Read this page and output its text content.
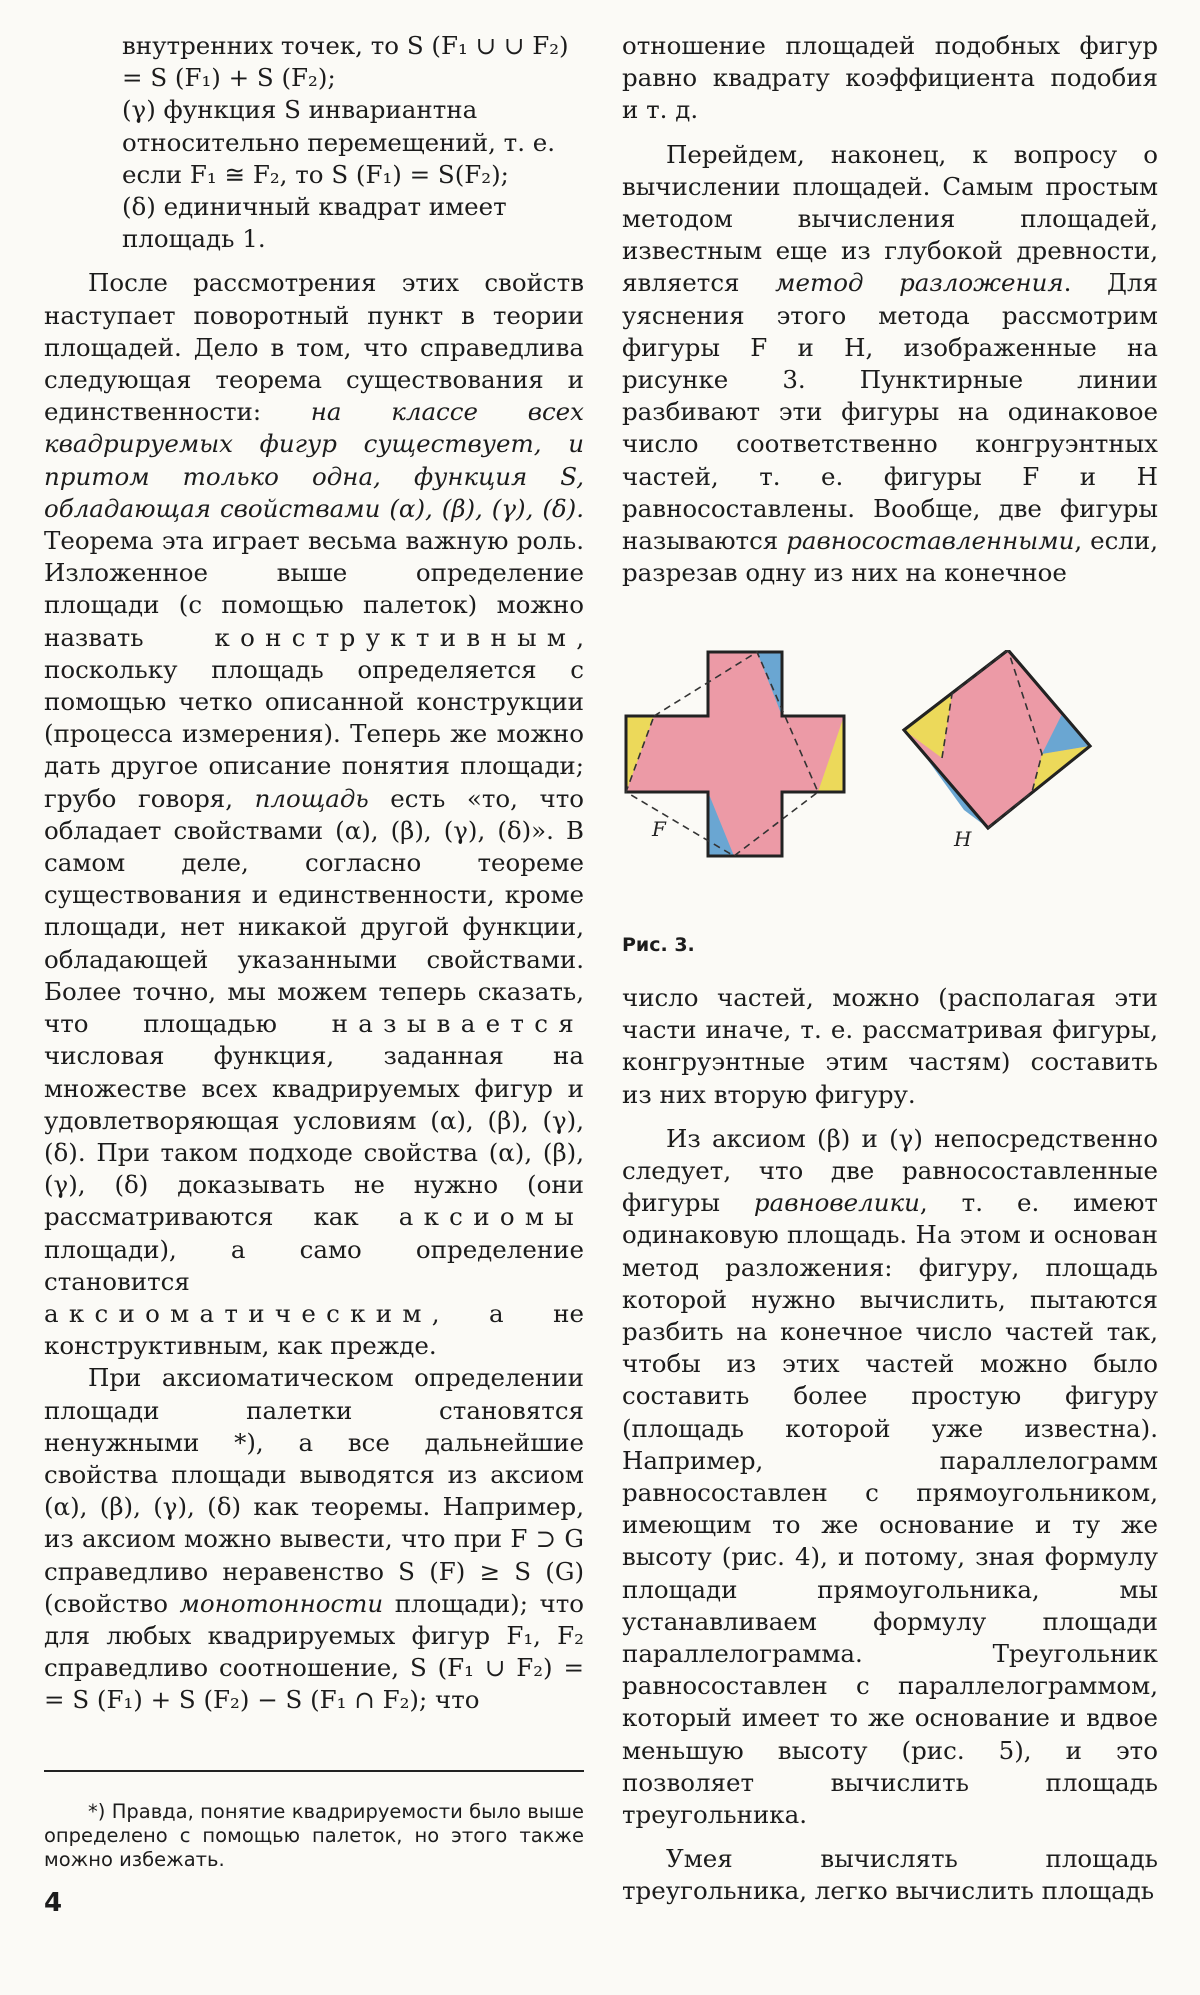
внутренних точек, то S (F₁ ∪ ∪ F₂) = S (F₁) + S (F₂);

(γ) функция S инвариантна относительно перемещений, т. е. если F₁ ≅ F₂, то S (F₁) = S(F₂);

(δ) единичный квадрат имеет площадь 1.

После рассмотрения этих свойств наступает поворотный пункт в теории площадей. Дело в том, что справедлива следующая теорема существования и единственности: на классе всех квадрируемых фигур существует, и притом только одна, функция S, обладающая свойствами (α), (β), (γ), (δ). Теорема эта играет весьма важную роль. Изложенное выше определение площади (с помощью палеток) можно назвать конструктивным, поскольку площадь определяется с помощью четко описанной конструкции (процесса измерения). Теперь же можно дать другое описание понятия площади; грубо говоря, площадь есть «то, что обладает свойствами (α), (β), (γ), (δ)». В самом деле, согласно теореме существования и единственности, кроме площади, нет никакой другой функции, обладающей указанными свойствами. Более точно, мы можем теперь сказать, что площадью называется числовая функция, заданная на множестве всех квадрируемых фигур и удовлетворяющая условиям (α), (β), (γ), (δ). При таком подходе свойства (α), (β), (γ), (δ) доказывать не нужно (они рассматриваются как аксиомы площади), а само определение становится аксиоматическим, а не конструктивным, как прежде.

При аксиоматическом определении площади палетки становятся ненужными *), а все дальнейшие свойства площади выводятся из аксиом (α), (β), (γ), (δ) как теоремы. Например, из аксиом можно вывести, что при F ⊃ G справедливо неравенство S (F) ≥ S (G) (свойство монотонности площади); что для любых квадрируемых фигур F₁, F₂ справедливо соотношение, S (F₁ ∪ F₂) = = S (F₁) + S (F₂) − S (F₁ ∩ F₂); что

отношение площадей подобных фигур равно квадрату коэффициента подобия и т. д.

Перейдем, наконец, к вопросу о вычислении площадей. Самым простым методом вычисления площадей, известным еще из глубокой древности, является метод разложения. Для уяснения этого метода рассмотрим фигуры F и H, изображенные на рисунке 3. Пунктирные линии разбивают эти фигуры на одинаковое число соответственно конгруэнтных частей, т. е. фигуры F и H равносоставлены. Вообще, две фигуры называются равносоставленными, если, разрезав одну из них на конечное

F	H
Рис. 3.

число частей, можно (располагая эти части иначе, т. е. рассматривая фигуры, конгруэнтные этим частям) составить из них вторую фигуру.

Из аксиом (β) и (γ) непосредственно следует, что две равносоставленные фигуры равновелики, т. е. имеют одинаковую площадь. На этом и основан метод разложения: фигуру, площадь которой нужно вычислить, пытаются разбить на конечное число частей так, чтобы из этих частей можно было составить более простую фигуру (площадь которой уже известна). Например, параллелограмм равносоставлен с прямоугольником, имеющим то же основание и ту же высоту (рис. 4), и потому, зная формулу площади прямоугольника, мы устанавливаем формулу площади параллелограмма. Треугольник равносоставлен с параллелограммом, который имеет то же основание и вдвое меньшую высоту (рис. 5), и это позволяет вычислить площадь треугольника.

Умея вычислять площадь треугольника, легко вычислить площадь

*) Правда, понятие квадрируемости было выше определено с помощью палеток, но этого также можно избежать.
4
